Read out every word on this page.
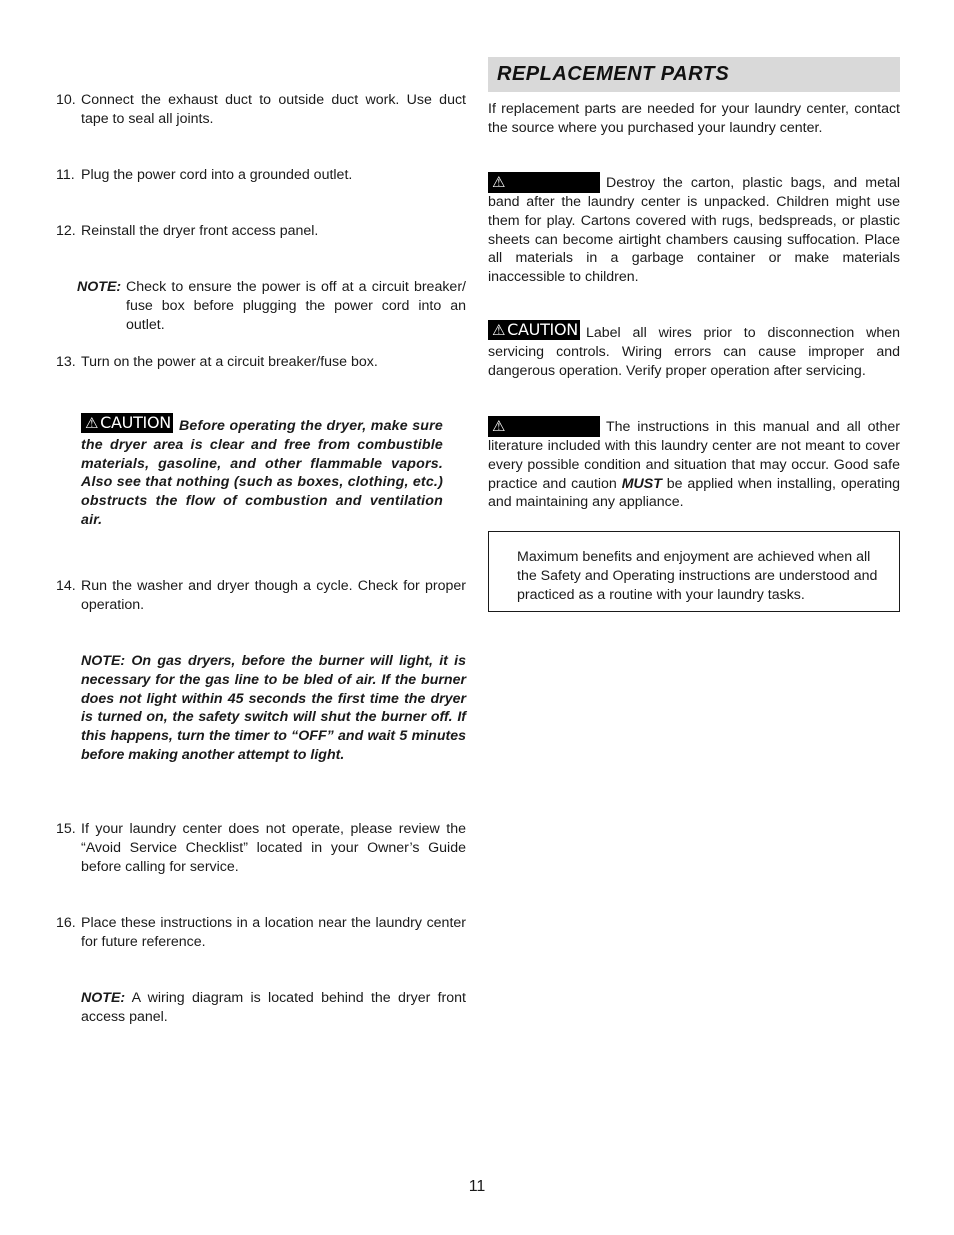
10. Connect the exhaust duct to outside duct work. Use duct tape to seal all joints.
11. Plug the power cord into a grounded outlet.
12. Reinstall the dryer front access panel.
NOTE: Check to ensure the power is off at a circuit breaker/ fuse box before plugging the power cord into an outlet.
13. Turn on the power at a circuit breaker/fuse box.
⚠ CAUTION Before operating the dryer, make sure the dryer area is clear and free from combustible materials, gasoline, and other flammable vapors. Also see that nothing (such as boxes, clothing, etc.) obstructs the flow of combustion and ventilation air.
14. Run the washer and dryer though a cycle. Check for proper operation.
NOTE: On gas dryers, before the burner will light, it is necessary for the gas line to be bled of air. If the burner does not light within 45 seconds the first time the dryer is turned on, the safety switch will shut the burner off. If this happens, turn the timer to “OFF” and wait 5 minutes before making another attempt to light.
15. If your laundry center does not operate, please review the “Avoid Service Checklist” located in your Owner’s Guide before calling for service.
16. Place these instructions in a location near the laundry center for future reference.
NOTE: A wiring diagram is located behind the dryer front access panel.
REPLACEMENT PARTS
If replacement parts are needed for your laundry center, contact the source where you purchased your laundry center.
⚠	Destroy the carton, plastic bags, and metal band after the laundry center is unpacked. Children might use them for play. Cartons covered with rugs, bedspreads, or plastic sheets can become airtight chambers causing suffocation. Place all materials in a garbage container or make materials inaccessible to children.
⚠ CAUTION Label all wires prior to disconnection when servicing controls. Wiring errors can cause improper and dangerous operation. Verify proper operation after servicing.
⚠	The instructions in this manual and all other literature included with this laundry center are not meant to cover every possible condition and situation that may occur. Good safe practice and caution MUST be applied when installing, operating and maintaining any appliance.
Maximum benefits and enjoyment are achieved when all the Safety and Operating instructions are understood and practiced as a routine with your laundry tasks.
11
